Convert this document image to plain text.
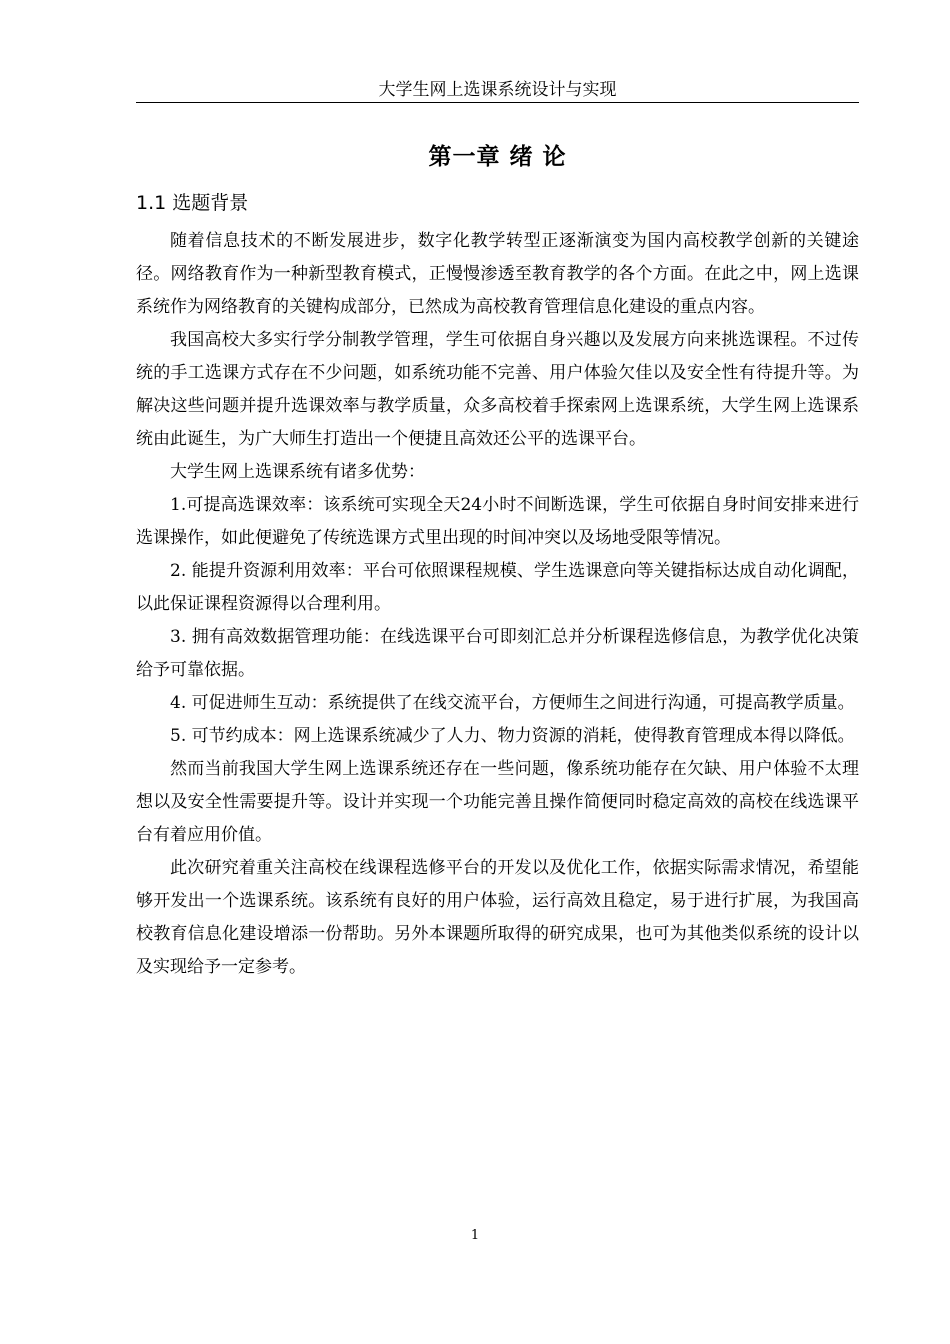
大学生网上选课系统设计与实现
第一章 绪 论
1.1 选题背景

随着信息技术的不断发展进步，数字化教学转型正逐渐演变为国内高校教学创新的关键途径。网络教育作为一种新型教育模式，正慢慢渗透至教育教学的各个方面。在此之中，网上选课系统作为网络教育的关键构成部分，已然成为高校教育管理信息化建设的重点内容。

我国高校大多实行学分制教学管理，学生可依据自身兴趣以及发展方向来挑选课程。不过传统的手工选课方式存在不少问题，如系统功能不完善、用户体验欠佳以及安全性有待提升等。为解决这些问题并提升选课效率与教学质量，众多高校着手探索网上选课系统，大学生网上选课系统由此诞生，为广大师生打造出一个便捷且高效还公平的选课平台。

大学生网上选课系统有诸多优势：

1.可提高选课效率：该系统可实现全天24小时不间断选课，学生可依据自身时间安排来进行选课操作，如此便避免了传统选课方式里出现的时间冲突以及场地受限等情况。

2. 能提升资源利用效率：平台可依照课程规模、学生选课意向等关键指标达成自动化调配，以此保证课程资源得以合理利用。

3. 拥有高效数据管理功能：在线选课平台可即刻汇总并分析课程选修信息，为教学优化决策给予可靠依据。

4. 可促进师生互动：系统提供了在线交流平台，方便师生之间进行沟通，可提高教学质量。

5. 可节约成本：网上选课系统减少了人力、物力资源的消耗，使得教育管理成本得以降低。

然而当前我国大学生网上选课系统还存在一些问题，像系统功能存在欠缺、用户体验不太理想以及安全性需要提升等。设计并实现一个功能完善且操作简便同时稳定高效的高校在线选课平台有着应用价值。

此次研究着重关注高校在线课程选修平台的开发以及优化工作，依据实际需求情况，希望能够开发出一个选课系统。该系统有良好的用户体验，运行高效且稳定，易于进行扩展，为我国高校教育信息化建设增添一份帮助。另外本课题所取得的研究成果，也可为其他类似系统的设计以及实现给予一定参考。

1
